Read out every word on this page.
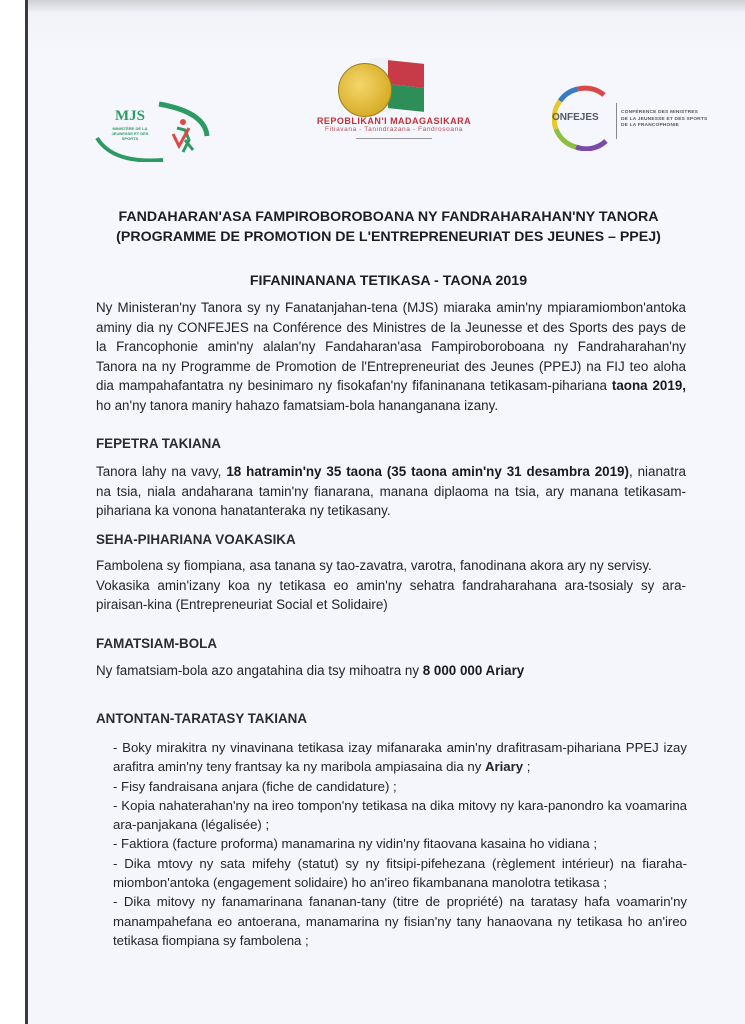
MJS
MINISTÈRE DE LA JEUNESSE ET DES SPORTS
REPOBLIKAN'I MADAGASIKARA
Fitiavana - Tanindrazana - Fandrosoana
ONFEJES	CONFÉRENCE DES MINISTRES
DE LA JEUNESSE ET DES SPORTS
DE LA FRANCOPHONIE
FANDAHARAN'ASA FAMPIROBOROBOANA NY FANDRAHARAHAN'NY TANORA
(PROGRAMME DE PROMOTION DE L'ENTREPRENEURIAT DES JEUNES – PPEJ)
FIFANINANANA TETIKASA - TAONA 2019
Ny Ministeran'ny Tanora sy ny Fanatanjahan-tena (MJS) miaraka amin'ny mpiaramiombon'antoka aminy dia ny CONFEJES na Conférence des Ministres de la Jeunesse et des Sports des pays de la Francophonie amin'ny alalan'ny Fandaharan'asa Fampiroboroboana ny Fandraharahan'ny Tanora na ny Programme de Promotion de l'Entrepreneuriat des Jeunes (PPEJ) na FIJ teo aloha dia mampahafantatra ny besinimaro ny fisokafan'ny fifaninanana tetikasam-pihariana taona 2019, ho an'ny tanora maniry hahazo famatsiam-bola hananganana izany.
FEPETRA TAKIANA
Tanora lahy na vavy, 18 hatramin'ny 35 taona (35 taona amin'ny 31 desambra 2019), nianatra na tsia, niala andaharana tamin'ny fianarana, manana diplaoma na tsia, ary manana tetikasam-pihariana ka vonona hanatanteraka ny tetikasany.
SEHA-PIHARIANA VOAKASIKA
Fambolena sy fiompiana, asa tanana sy tao-zavatra, varotra, fanodinana akora ary ny servisy.
Vokasika amin'izany koa ny tetikasa eo amin'ny sehatra fandraharahana ara-tsosialy sy ara-piraisan-kina (Entrepreneuriat Social et Solidaire)
FAMATSIAM-BOLA
Ny famatsiam-bola azo angatahina dia tsy mihoatra ny 8 000 000 Ariary
ANTONTAN-TARATASY TAKIANA
- Boky mirakitra ny vinavinana tetikasa izay mifanaraka amin'ny drafitrasam-pihariana PPEJ izay arafitra amin'ny teny frantsay ka ny maribola ampiasaina dia ny Ariary ;
- Fisy fandraisana anjara (fiche de candidature) ;
- Kopia nahaterahan'ny na ireo tompon'ny tetikasa na dika mitovy ny kara-panondro ka voamarina ara-panjakana (légalisée) ;
- Faktiora (facture proforma) manamarina ny vidin'ny fitaovana kasaina ho vidiana ;
- Dika mtovy ny sata mifehy (statut) sy ny fitsipi-pifehezana (règlement intérieur) na fiaraha-miombon'antoka (engagement solidaire) ho an'ireo fikambanana manolotra tetikasa ;
- Dika mitovy ny fanamarinana fananan-tany (titre de propriété) na taratasy hafa voamarin'ny manampahefana eo antoerana, manamarina ny fisian'ny tany hanaovana ny tetikasa ho an'ireo tetikasa fiompiana sy fambolena ;
